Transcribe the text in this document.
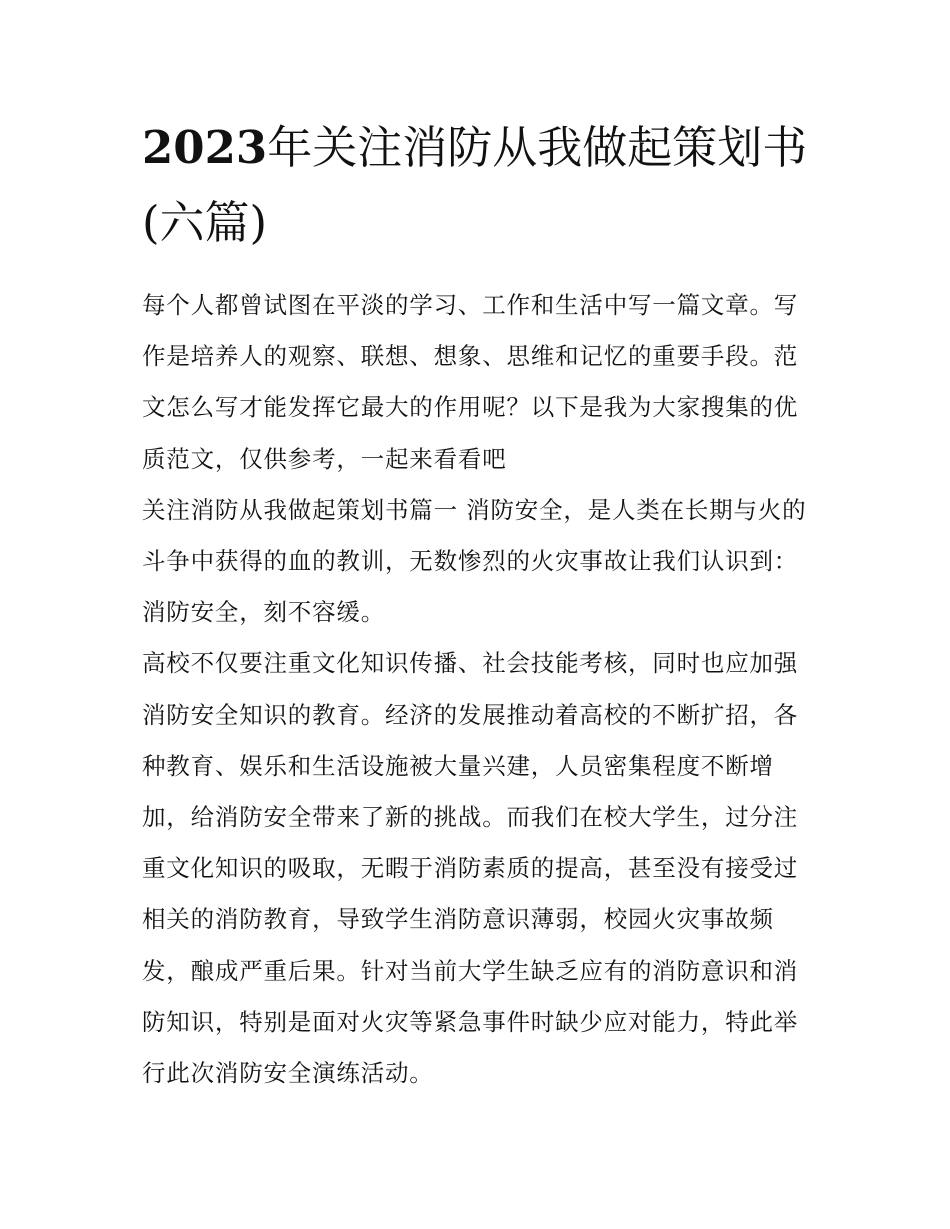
2023年关注消防从我做起策划书(六篇)

每个人都曾试图在平淡的学习、工作和生活中写一篇文章。写作是培养人的观察、联想、想象、思维和记忆的重要手段。范文怎么写才能发挥它最大的作用呢？以下是我为大家搜集的优质范文，仅供参考，一起来看看吧

关注消防从我做起策划书篇一 消防安全，是人类在长期与火的斗争中获得的血的教训，无数惨烈的火灾事故让我们认识到：消防安全，刻不容缓。

高校不仅要注重文化知识传播、社会技能考核，同时也应加强消防安全知识的教育。经济的发展推动着高校的不断扩招，各种教育、娱乐和生活设施被大量兴建，人员密集程度不断增加，给消防安全带来了新的挑战。而我们在校大学生，过分注重文化知识的吸取，无暇于消防素质的提高，甚至没有接受过相关的消防教育，导致学生消防意识薄弱，校园火灾事故频发，酿成严重后果。针对当前大学生缺乏应有的消防意识和消防知识，特别是面对火灾等紧急事件时缺少应对能力，特此举行此次消防安全演练活动。
